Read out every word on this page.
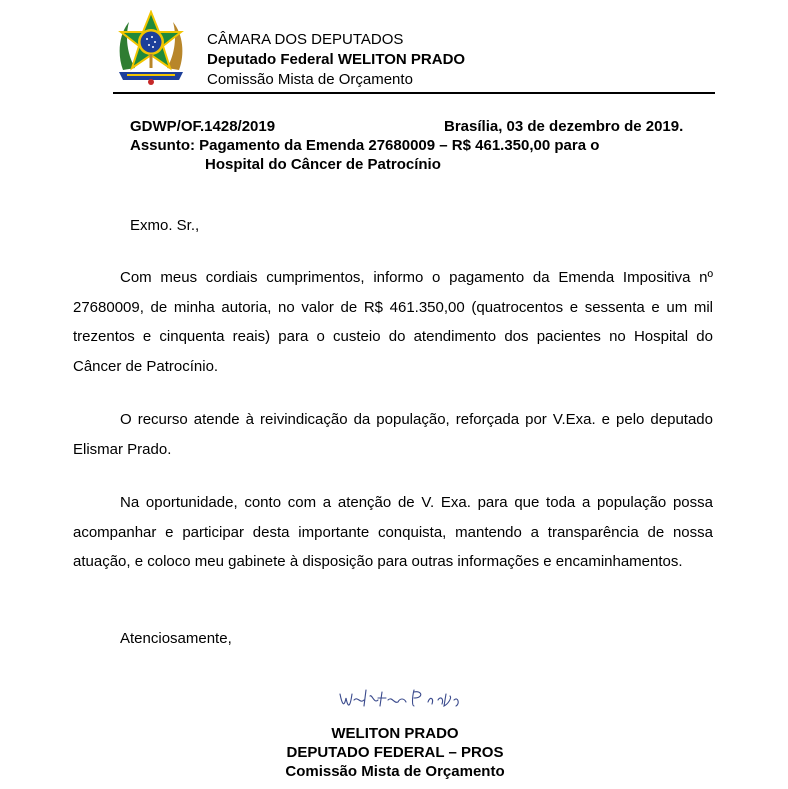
CÂMARA DOS DEPUTADOS
Deputado Federal WELITON PRADO
Comissão Mista de Orçamento
GDWP/OF.1428/2019	Brasília, 03 de dezembro de 2019.
Assunto: Pagamento da Emenda 27680009 – R$ 461.350,00 para o
Hospital do Câncer de Patrocínio
Exmo. Sr.,
Com meus cordiais cumprimentos, informo o pagamento da Emenda Impositiva nº 27680009, de minha autoria, no valor de R$ 461.350,00 (quatrocentos e sessenta e um mil trezentos e cinquenta reais) para o custeio do atendimento dos pacientes no Hospital do Câncer de Patrocínio.
O recurso atende à reivindicação da população, reforçada por V.Exa. e pelo deputado Elismar Prado.
Na oportunidade, conto com a atenção de V. Exa. para que toda a população possa acompanhar e participar desta importante conquista, mantendo a transparência de nossa atuação, e coloco meu gabinete à disposição para outras informações e encaminhamentos.
Atenciosamente,
WELITON PRADO
DEPUTADO FEDERAL – PROS
Comissão Mista de Orçamento
